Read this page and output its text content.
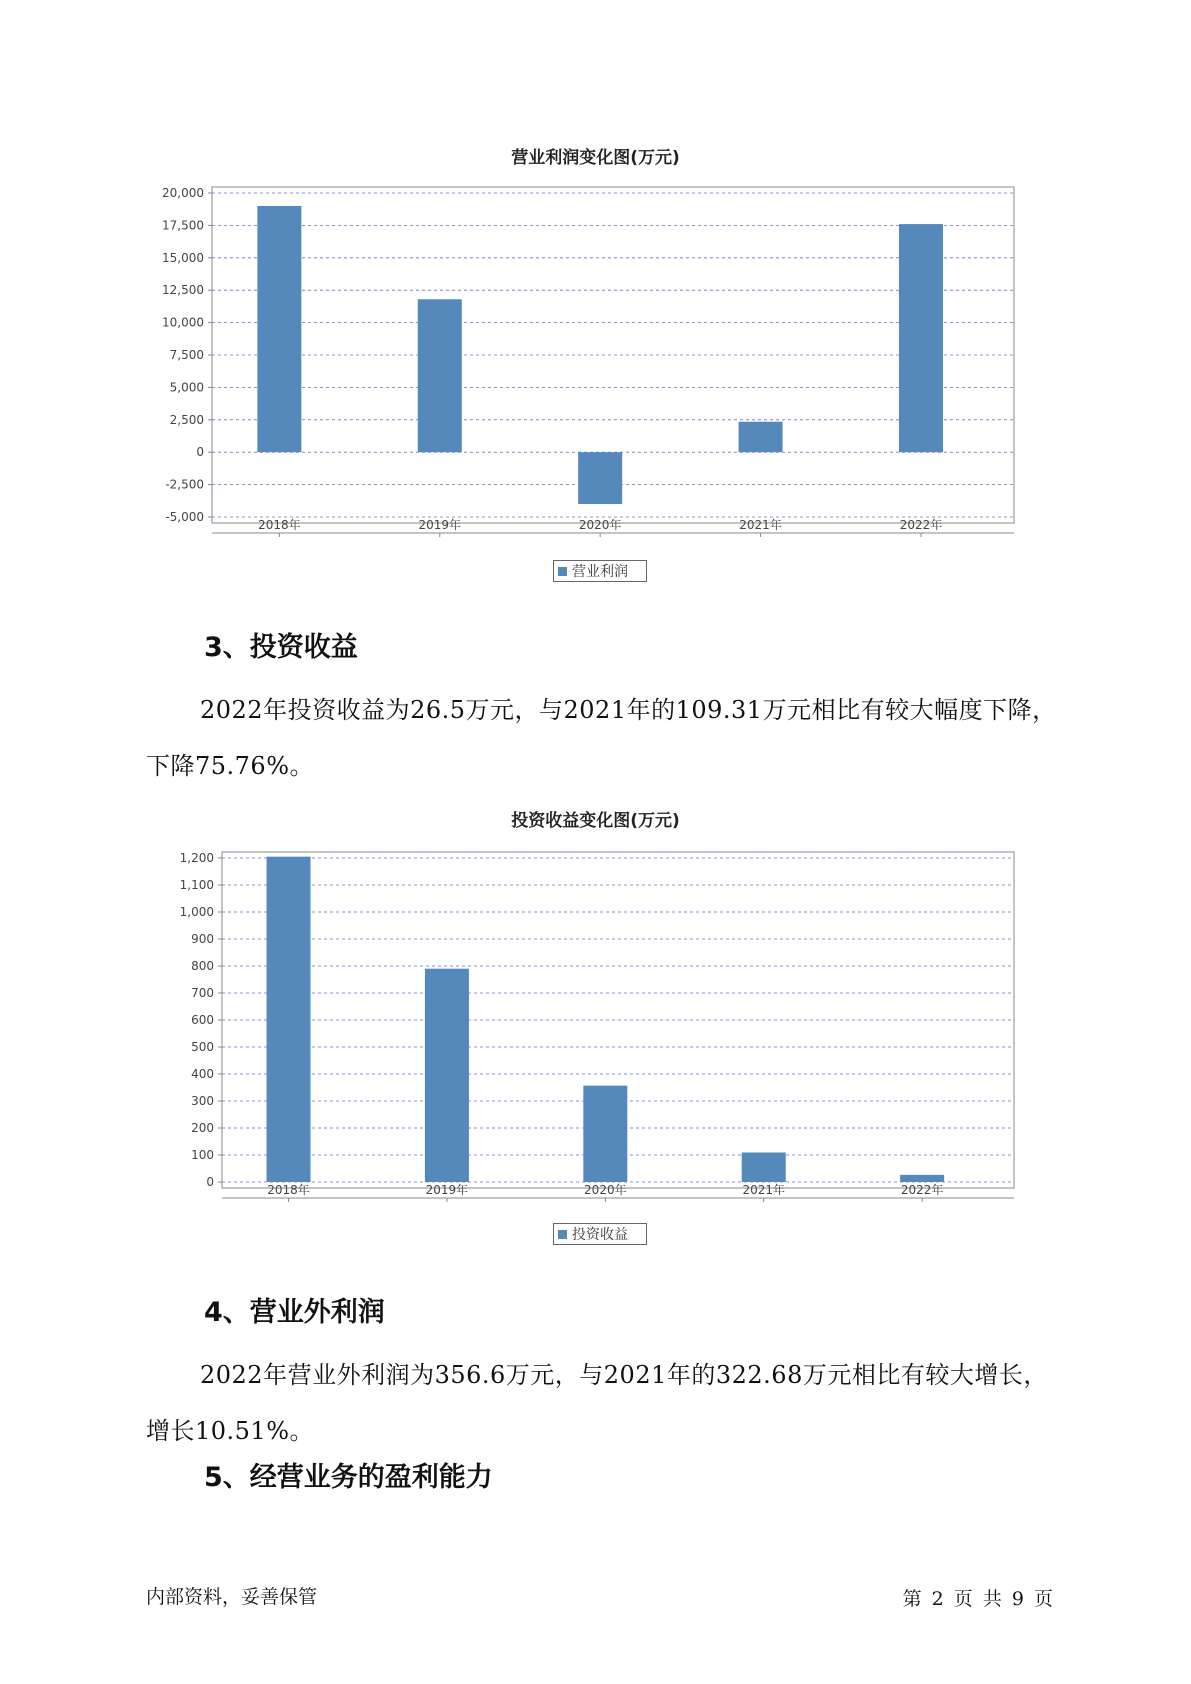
营业利润变化图(万元)
-5,000
-2,500
0
2,500
5,000
7,500
10,000
12,500
15,000
17,500
20,000
2018年	2019年	2020年	2021年	2022年
营业利润
3、投资收益

2022年投资收益为26.5万元，与2021年的109.31万元相比有较大幅度下降，下降75.76%。

投资收益变化图(万元)
0
100
200
300
400
500
600
700
800
900
1,000
1,100
1,200
2018年	2019年	2020年	2021年	2022年
投资收益
4、营业外利润

2022年营业外利润为356.6万元，与2021年的322.68万元相比有较大增长，增长10.51%。

5、经营业务的盈利能力
内部资料，妥善保管	第 2 页 共 9 页
